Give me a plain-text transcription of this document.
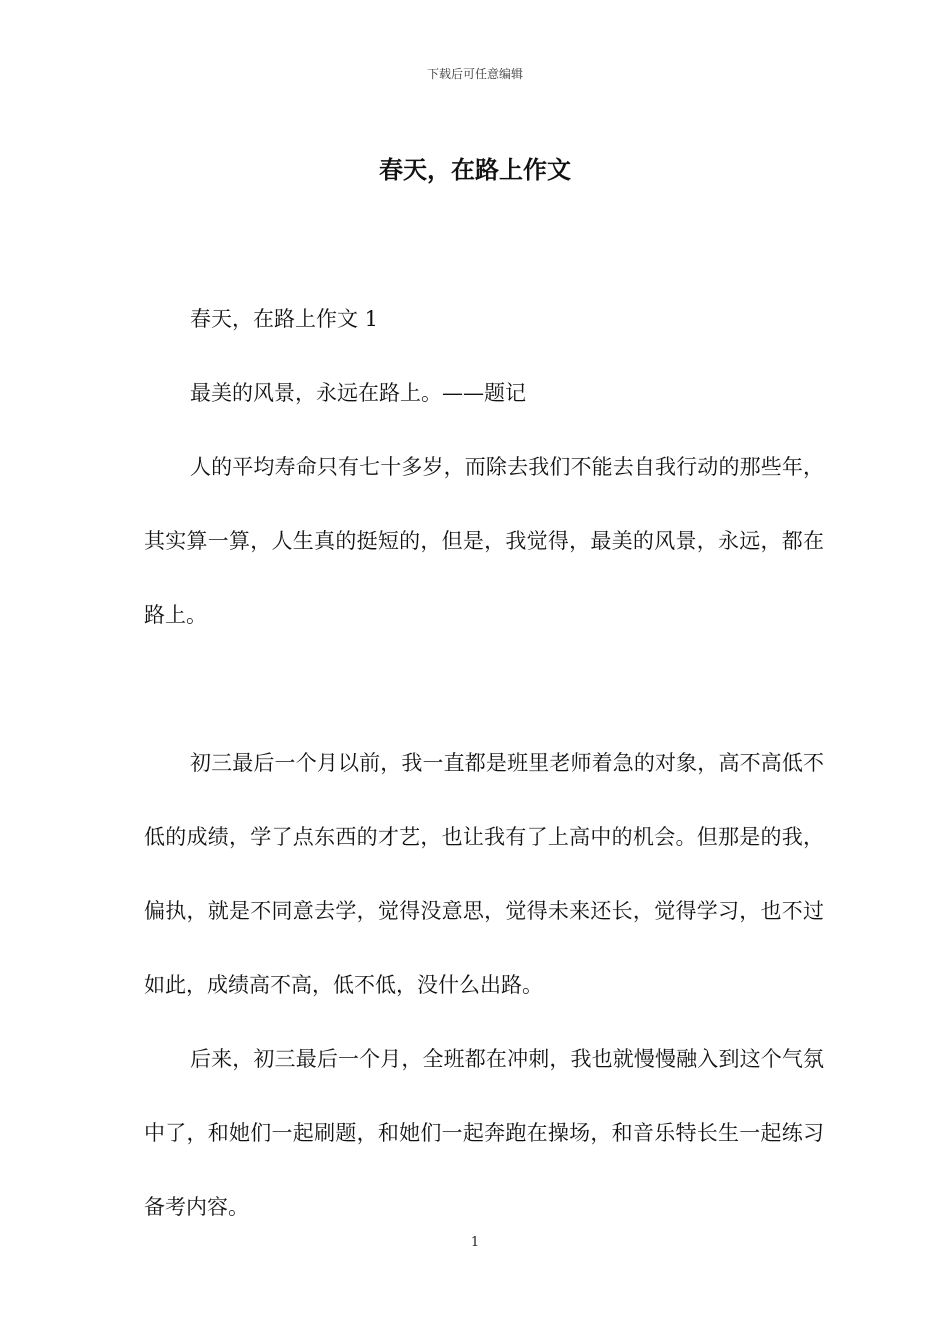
下载后可任意编辑
春天，在路上作文

春天，在路上作文 1

最美的风景，永远在路上。——题记

人的平均寿命只有七十多岁，而除去我们不能去自我行动的那些年，其实算一算，人生真的挺短的，但是，我觉得，最美的风景，永远，都在路上。

初三最后一个月以前，我一直都是班里老师着急的对象，高不高低不低的成绩，学了点东西的才艺，也让我有了上高中的机会。但那是的我，偏执，就是不同意去学，觉得没意思，觉得未来还长，觉得学习，也不过如此，成绩高不高，低不低，没什么出路。

后来，初三最后一个月，全班都在冲刺，我也就慢慢融入到这个气氛中了，和她们一起刷题，和她们一起奔跑在操场，和音乐特长生一起练习备考内容。

1
